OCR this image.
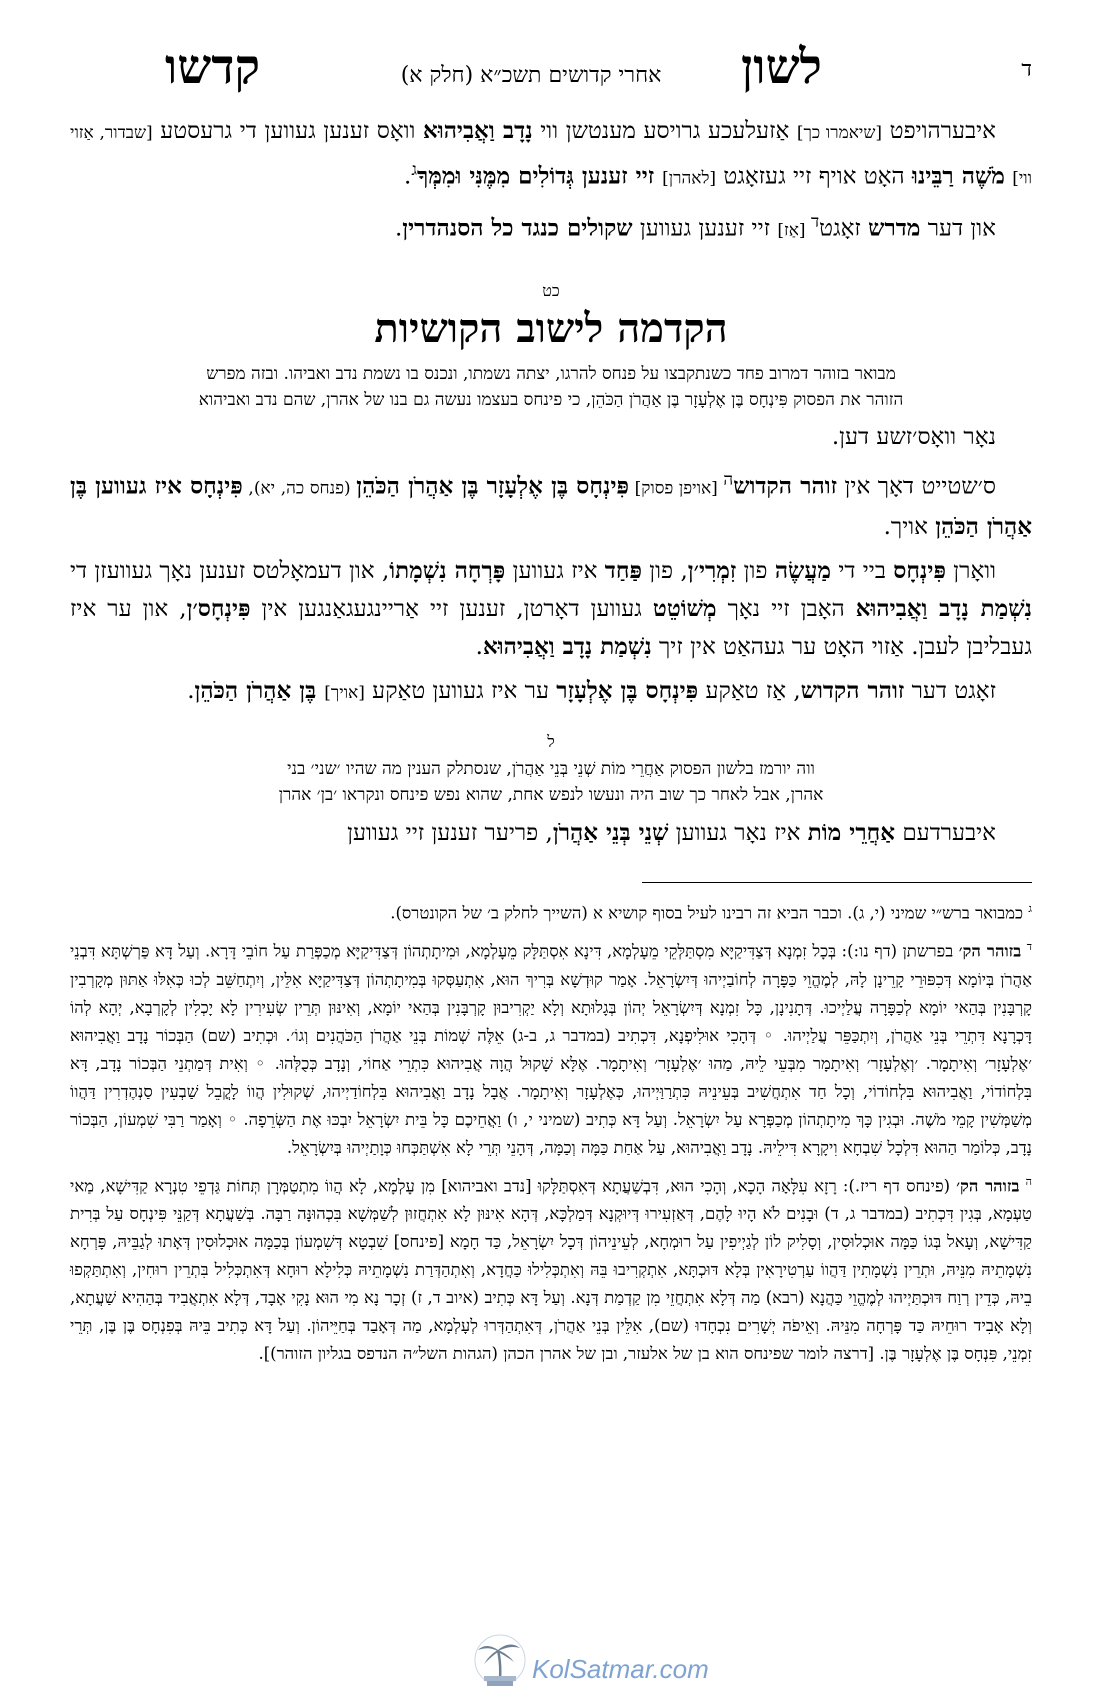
ד
לשון
אחרי קדושים תשכ״א (חלק א)
קדשו

איבערהויפט [שיאמרו כך] אַזעלעכע גרויסע מענטשן ווי נָדָב וַאֲבִיהוּא וואָס זענען געווען די גרעסטע [שבדור, אַזוי ווי] מֹשֶׁה רַבֵּינוּ האָט אויף זיי געזאָגט [לאהרן] זיי זענען גְּדוֹלִים מִמֶּנִּי וּמִמְּךָ$^ג$.

און דער מדרש זאָגט$^ד$ [אַז] זיי זענען געווען שקולים כנגד כל הסנהדרין.

כט
הקדמה לישוב הקושיות
מבואר בזוהר דמרוב פחד כשנתקבצו על פנחס להרגו, יצתה נשמתו, ונכנס בו נשמת נדב ואביהו. ובזה מפרש
הזוהר את הפסוק פִּינְחָס בֶּן אֶלְעָזָר בֶּן אַהֲרֹן הַכֹּהֵן, כי פינחס בעצמו נעשה גם בנו של אהרן, שהם נדב ואביהוא

נאָר וואָס׳זשע דען.

ס׳שטייט דאָך אין זוהר הקדוש$^ה$ [אויפן פסוק] פִּינְחָס בֶּן אֶלְעָזָר בֶּן אַהֲרֹן הַכֹּהֵן (פנחס כה, יא), פִּינְחָס איז געווען בֶּן אַהֲרֹן הַכֹּהֵן אויך.

וואָרן פִּינְחָס ביי די מַעֲשֶׂה פון זִמְרִי׳ן, פון פַּחַד איז געווען פָּרְחָה נִשְׁמָתוֹ, און דעמאָלטס זענען נאָך געוועזן די נִשְׁמַת נָדָב וַאֲבִיהוּא האָבן זיי נאָך מְשׁוֹטֵט געווען דאָרטן, זענען זיי אַריינגעגאַנגען אין פִּינְחָס׳ן, און ער איז געבליבן לעבן. אַזוי האָט ער געהאַט אין זיך נִשְׁמַת נָדָב וַאֲבִיהוּא.

זאָגט דער זוהר הקדוש, אַז טאַקע פִּינְחָס בֶּן אֶלְעָזָר ער איז געווען טאַקע [אויך] בֶּן אַהֲרֹן הַכֹּהֵן.

ל
ווה יורמז בלשון הפסוק אַחֲרֵי מוֹת שְׁנֵי בְּנֵי אַהֲרֹן, שנסתלק הענין מה שהיו ׳שני׳ בני
אהרן, אבל לאחר כך שוב היה ונעשו לנפש אחת, שהוא נפש פינחס ונקראו ׳בן׳ אהרן

איבערדעם אַחֲרֵי מוֹת איז נאָר געווען שְׁנֵי בְּנֵי אַהֲרֹן, פריער זענען זיי געווען

$^ג$ כמבואר ברש״י שמיני (י, ג). וכבר הביא זה רבינו לעיל בסוף קושיא א (השייך לחלק ב׳ של הקונטרס).

$^ד$ בזוהר הק׳ בפרשתן (דף נו:): בְּכָל זִמְנָא דְּצַדִּיקַיָּא מִסְתַּלְּקֵי מֵעָלְמָא, דִּינָא אִסְתַּלָּק מֵעָלְמָא, וּמִיתָתְהוֹן דְּצַדִּיקַיָּא מְכַפְּרַת עַל חוֹבֵי דָּרָא. וְעַל דָּא פַּרְשְׁתָּא דִּבְנֵי אַהֲרֹן בְּיוֹמָא דְּכִפּוּרֵי קָרֵינָן לָהּ, לְמֶהֱוֵי כַּפָּרָה לְחוֹבַיְיהוּ דְּיִשְׂרָאֵל. אָמַר קוּדְשָׁא בְּרִיךְ הוּא, אִתְעַסְּקוּ בְּמִיתָתְהוֹן דְּצַדִּיקַיָּא אִלֵּין, וְיִתְחַשֵּׁב לְכוּ כְּאִלּוּ אַתּוּן מְקָרְבִין קָרְבָּנִין בְּהַאי יוֹמָא לְכַפָּרָה עֲלַיְיכוּ. דְּתָנִינָן, כָּל זִמְנָא דְּיִשְׂרָאֵל יְהוֹן בְּגָלוּתָא וְלָא יַקְרִיבוּן קָרְבָּנִין בְּהַאי יוֹמָא, וְאִינּוּן תְּרֵין שְׂעִירִין לָא יָכְלִין לְקָרְבָא, יְהָא לְהוֹ דָּכְרָנָא דִּתְרֵי בְּנֵי אַהֲרֹן, וְיִתְכַּפֵּר עֲלַיְיהוּ. ◦ דְּהָכִי אוּלִיפְנָא, דִּכְתִיב (במדבר ג, ב-ג) אֵלֶּה שְׁמוֹת בְּנֵי אַהֲרֹן הַכֹּהֲנִים וְגוֹ׳. וּכְתִיב (שם) הַבְּכוֹר נָדָב וַאֲבִיהוּא ׳אֶלְעָזָר׳ וְאִיתָמָר. ׳וְאֶלְעָזָר׳ וְאִיתָמָר מִבְּעֵי לֵיהּ, מַהוּ ׳אֶלְעָזָר׳ וְאִיתָמָר. אֶלָּא שָׁקוּל הֲוָה אֲבִיהוּא כִּתְרֵי אַחוֹי, וְנָדָב כְּכֻלְּהוּ. ◦ וְאִית דְּמַתְנֵי הַבְּכוֹר נָדָב, דָּא בִּלְחוֹדוֹי, וַאֲבִיהוּא בִּלְחוֹדוֹי, וְכָל חַד אִתְחֲשִׁיב בְּעֵינֵיהּ כִּתְרַוַּיְיהוּ, כְּאֶלְעָזָר וְאִיתָמָר. אֲבָל נָדָב וַאֲבִיהוּא בִּלְחוֹדַיְיהוּ, שְׁקוּלִין הֲווֹ לָקֳבֵל שַׁבְעִין סַנְהֶדְרִין דַּהֲווֹ מְשַׁמְּשִׁין קָמֵי מֹשֶׁה. וּבְגִין כָּךְ מִיתָתְהוֹן מְכַפְּרָא עַל יִשְׂרָאֵל. וְעַל דָּא כְּתִיב (שמיני י, ו) וַאֲחֵיכֶם כָּל בֵּית יִשְׂרָאֵל יִבְכּוּ אֶת הַשְּׂרֵפָה. ◦ וְאָמַר רַבִּי שִׁמְעוֹן, הַבְּכוֹר נָדָב, כְּלוֹמַר הַהוּא דִּלְכָל שִׁבְחָא וִיקָרָא דִּילֵיהּ. נָדָב וַאֲבִיהוּא, עַל אַחַת כַּמָּה וְכַמָּה, דְּהָנֵי תְּרֵי לָא אִשְׁתַּכְּחוּ כְּוָתַיְיהוּ בְּיִשְׂרָאֵל.

$^ה$ בזוהר הק׳ (פינחס דף ריז.): רָזָא עִלָּאָה הָכָא, וְהָכִי הוּא, דִּבְשַׁעֲתָא דְּאִסְתַּלָּקוּ [נדב ואביהוא] מִן עָלְמָא, לָא הֲווֹ מִתְטַמְּרָן תְּחוֹת גַּדְפֵי טִנְרָא קַדִּישָׁא, מַאי טַעְמָא, בְּגִין דִּכְתִיב (במדבר ג, ד) וּבָנִים לֹא הָיוּ לָהֶם, דְּאַזְעִירוּ דְּיוּקְנָא דְּמַלְכָּא, דְּהָא אִינּוּן לָא אִתְחֲזוּן לְשַׁמְּשָׁא בִּכְהוּנָּה רַבָּה. בְּשַׁעֲתָא דְּקַנֵּי פִּינְחָס עַל בְּרִית קַדִּישָׁא, וְעָאל בְּגוֹ כַּמָּה אוּכְלוּסִין, וְסָלִיק לוֹן לְגַיְיפִין עַל רוּמְחָא, לְעֵינֵיהוֹן דְּכָל יִשְׂרָאֵל, כַּד חָמָא [פינחס] שִׁבְטָא דְּשִׁמְעוֹן בְּכַמָּה אוּכְלוּסִין דְּאָתוּ לְגַבֵּיהּ, פָּרְחָא נִשְׁמָתֵיהּ מִנֵּיהּ, וּתְרֵין נִשְׁמָתִין דַּהֲווֹ עַרְטִירָאִין בְּלָא דּוּכְתָּא, אִתְקְרִיבוּ בֵּהּ וְאִתְכְּלִילוּ כַּחֲדָא, וְאִתְהַדְּרַת נִשְׁמָתֵיהּ כְּלִילָא רוּחָא דְּאִתְכְּלִיל בִּתְרֵין רוּחִין, וְאִתְתַּקְפוּ בֵיהּ, כְּדֵין רְוַח דּוּכְתַּיְיהוּ לְמֶהֱוֵי כַּהֲנָא (רבא) מַה דְּלָא אִתְחֲזֵי מִן קַדְמַת דְּנָא. וְעַל דָּא כְּתִיב (איוב ד, ז) זְכָר נָא מִי הוּא נָקִי אָבָד, דְּלָא אִתְאֲבִיד בְּהַהִיא שַׁעֲתָא, וְלָא אָבִיד רוּחֵיהּ כַּד פָּרְחָה מִנֵּיהּ. וְאֵיפֹה יְשָׁרִים נִכְחָדוּ (שם), אִלֵּין בְּנֵי אַהֲרֹן, דְּאִתְהַדְּרוּ לְעָלְמָא, מַה דְּאָבַד בְּחַיֵּיהוֹן. וְעַל דָּא כְּתִיב בֵּיהּ בְּפִנְחָס בֶּן בֶּן, תְּרֵי זִמְנֵי, פִּנְחָס בֶּן אֶלְעָזָר בֶּן. [דרצה לומר שפינחס הוא בן של אלעזר, ובן של אהרן הכהן (הגהות השל״ה הנדפס בגליון הזוהר)].

KolSatmar.com
